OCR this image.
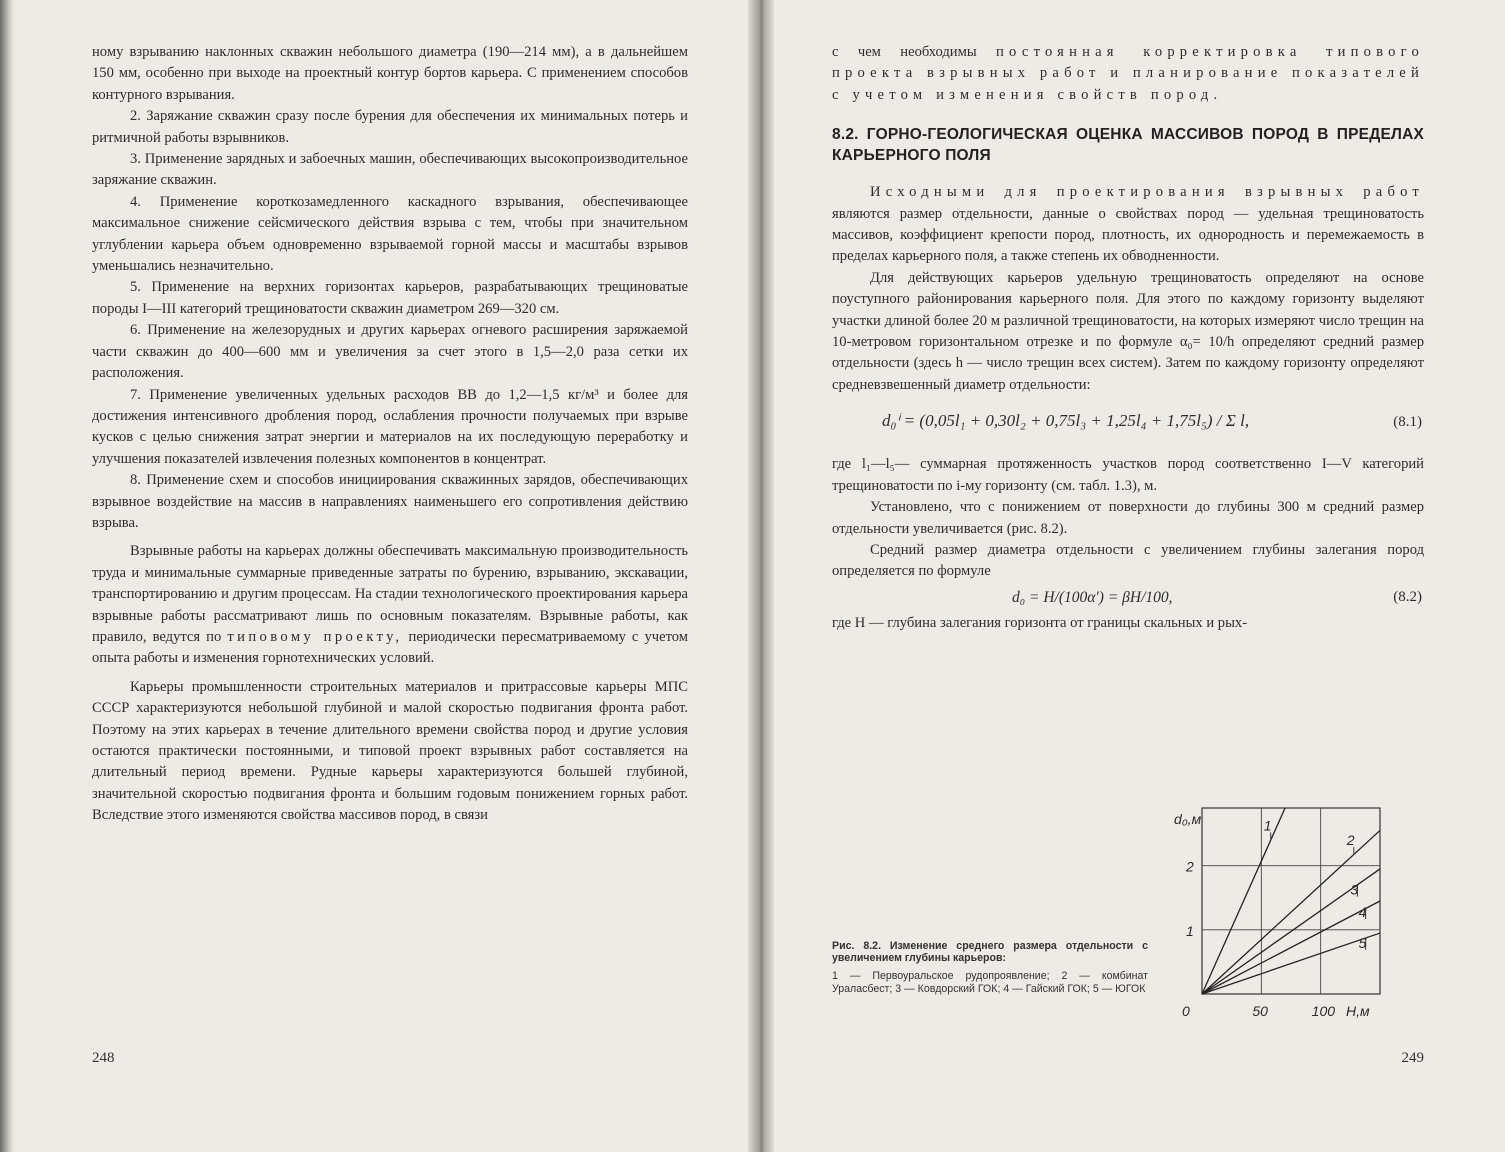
ному взрыванию наклонных скважин небольшого диаметра (190—214 мм), а в дальнейшем 150 мм, особенно при выходе на проектный контур бортов карьера. С применением способов контурного взрывания.

2. Заряжание скважин сразу после бурения для обеспечения их минимальных потерь и ритмичной работы взрывников.

3. Применение зарядных и забоечных машин, обеспечивающих высокопроизводительное заряжание скважин.

4. Применение короткозамедленного каскадного взрывания, обеспечивающее максимальное снижение сейсмического действия взрыва с тем, чтобы при значительном углублении карьера объем одновременно взрываемой горной массы и масштабы взрывов уменьшались незначительно.

5. Применение на верхних горизонтах карьеров, разрабатывающих трещиноватые породы I—III категорий трещиноватости скважин диаметром 269—320 см.

6. Применение на железорудных и других карьерах огневого расширения заряжаемой части скважин до 400—600 мм и увеличения за счет этого в 1,5—2,0 раза сетки их расположения.

7. Применение увеличенных удельных расходов ВВ до 1,2—1,5 кг/м³ и более для достижения интенсивного дробления пород, ослабления прочности получаемых при взрыве кусков с целью снижения затрат энергии и материалов на их последующую переработку и улучшения показателей извлечения полезных компонентов в концентрат.

8. Применение схем и способов инициирования скважинных зарядов, обеспечивающих взрывное воздействие на массив в направлениях наименьшего его сопротивления действию взрыва.

Взрывные работы на карьерах должны обеспечивать максимальную производительность труда и минимальные суммарные приведенные затраты по бурению, взрыванию, экскавации, транспортированию и другим процессам. На стадии технологического проектирования карьера взрывные работы рассматривают лишь по основным показателям. Взрывные работы, как правило, ведутся по типовому проекту, периодически пересматриваемому с учетом опыта работы и изменения горнотехнических условий.

Карьеры промышленности строительных материалов и притрассовые карьеры МПС СССР характеризуются небольшой глубиной и малой скоростью подвигания фронта работ. Поэтому на этих карьерах в течение длительного времени свойства пород и другие условия остаются практически постоянными, и типовой проект взрывных работ составляется на длительный период времени. Рудные карьеры характеризуются большей глубиной, значительной скоростью подвигания фронта и большим годовым понижением горных работ. Вследствие этого изменяются свойства массивов пород, в связи

248

с чем необходимы постоянная корректировка типового проекта взрывных работ и планирование показателей с учетом изменения свойств пород.

8.2. ГОРНО-ГЕОЛОГИЧЕСКАЯ ОЦЕНКА МАССИВОВ ПОРОД В ПРЕДЕЛАХ КАРЬЕРНОГО ПОЛЯ

Исходными для проектирования взрывных работ являются размер отдельности, данные о свойствах пород — удельная трещиноватость массивов, коэффициент крепости пород, плотность, их однородность и перемежаемость в пределах карьерного поля, а также степень их обводненности.

Для действующих карьеров удельную трещиноватость определяют на основе поуступного районирования карьерного поля. Для этого по каждому горизонту выделяют участки длиной более 20 м различной трещиноватости, на которых измеряют число трещин на 10-метровом горизонтальном отрезке и по формуле α₀= 10/h определяют средний размер отдельности (здесь h — число трещин всех систем). Затем по каждому горизонту определяют средневзвешенный диаметр отдельности:

d₀ⁱ = (0,05l₁ + 0,30l₂ + 0,75l₃ + 1,25l₄ + 1,75l₅) / Σ l,	(8.1)

где l₁—l₅— суммарная протяженность участков пород соответственно I—V категорий трещиноватости по i-му горизонту (см. табл. 1.3), м.

Установлено, что с понижением от поверхности до глубины 300 м средний размер отдельности увеличивается (рис. 8.2).

Средний размер диаметра отдельности с увеличением глубины залегания пород определяется по формуле

d₀ = H/(100α′) = βH/100,	(8.2)

где H — глубина залегания горизонта от границы скальных и рых-

Рис. 8.2. Изменение среднего размера отдельности с увеличением глубины карьеров:
1 — Первоуральское рудопроявление; 2 — комбинат Ураласбест; 3 — Ковдорский ГОК; 4 — Гайский ГОК; 5 — ЮГОК
1
2
3
4
5
d₀,м
H,м
1
2
0	50	100
249
